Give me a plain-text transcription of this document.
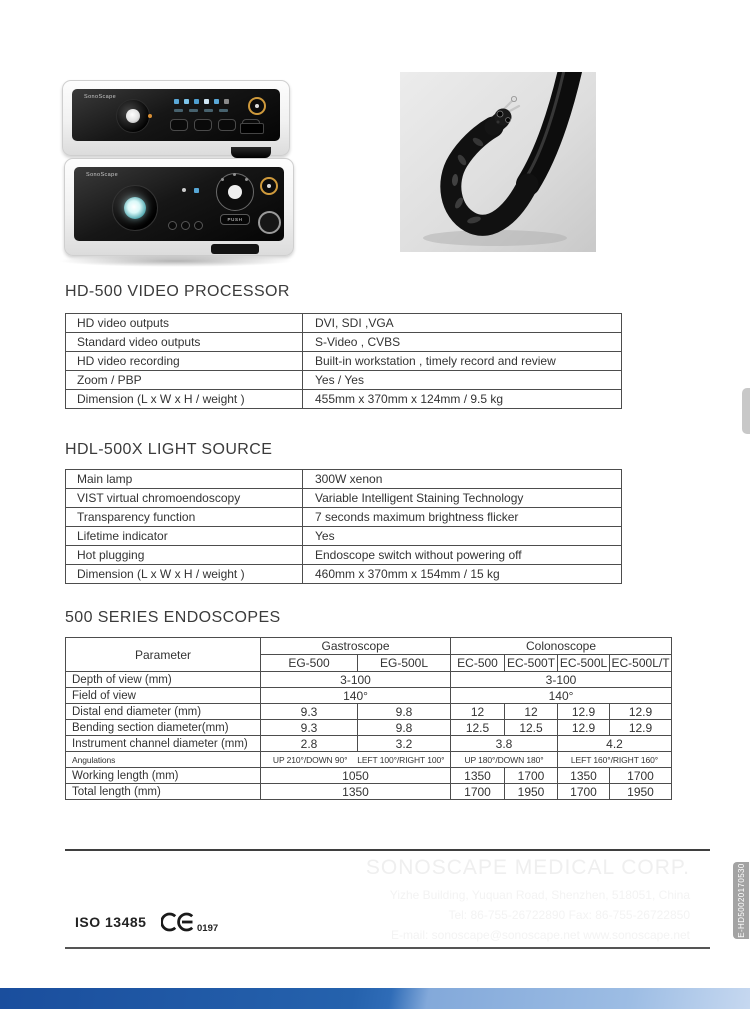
SonoScape
SonoScape
PUSH
HD-500 VIDEO PROCESSOR
HD video outputs	DVI, SDI ,VGA
Standard video outputs	S-Video , CVBS
HD video recording	Built-in workstation , timely record and review
Zoom / PBP	Yes / Yes
Dimension (L x W x H / weight )	455mm x 370mm x 124mm / 9.5 kg
HDL-500X LIGHT SOURCE
Main lamp	300W xenon
VIST virtual chromoendoscopy	Variable Intelligent Staining Technology
Transparency function	7 seconds maximum brightness flicker
Lifetime indicator	Yes
Hot plugging	Endoscope switch without powering off
Dimension (L x W x H / weight )	460mm x 370mm x 154mm / 15 kg
500 SERIES ENDOSCOPES
Parameter	Gastroscope		Colonoscope			
	EG-500	EG-500L	EC-500	EC-500T	EC-500L	EC-500L/T
Depth of view (mm)	3-100		3-100			
Field of view	140°		140°			
Distal end diameter (mm)	9.3	9.8	12	12	12.9	12.9
Bending section diameter(mm)	9.3	9.8	12.5	12.5	12.9	12.9
Instrument channel diameter (mm)	2.8	3.2	3.8		4.2	
Angulations	UP 210°/DOWN 90° LEFT 100°/RIGHT 100°		UP 180°/DOWN 180°		LEFT 160°/RIGHT 160°	
Working length (mm)	1050		1350	1700	1350	1700
Total length (mm)	1350		1700	1950	1700	1950
SONOSCAPE MEDICAL CORP.
Yizhe Building, Yuquan Road, Shenzhen, 518051, China
Tel: 86-755-26722890 Fax: 86-755-26722850
E-mail: sonoscape@sonoscape.net www.sonoscape.net
ISO 13485	0197	E-HD50020170530
